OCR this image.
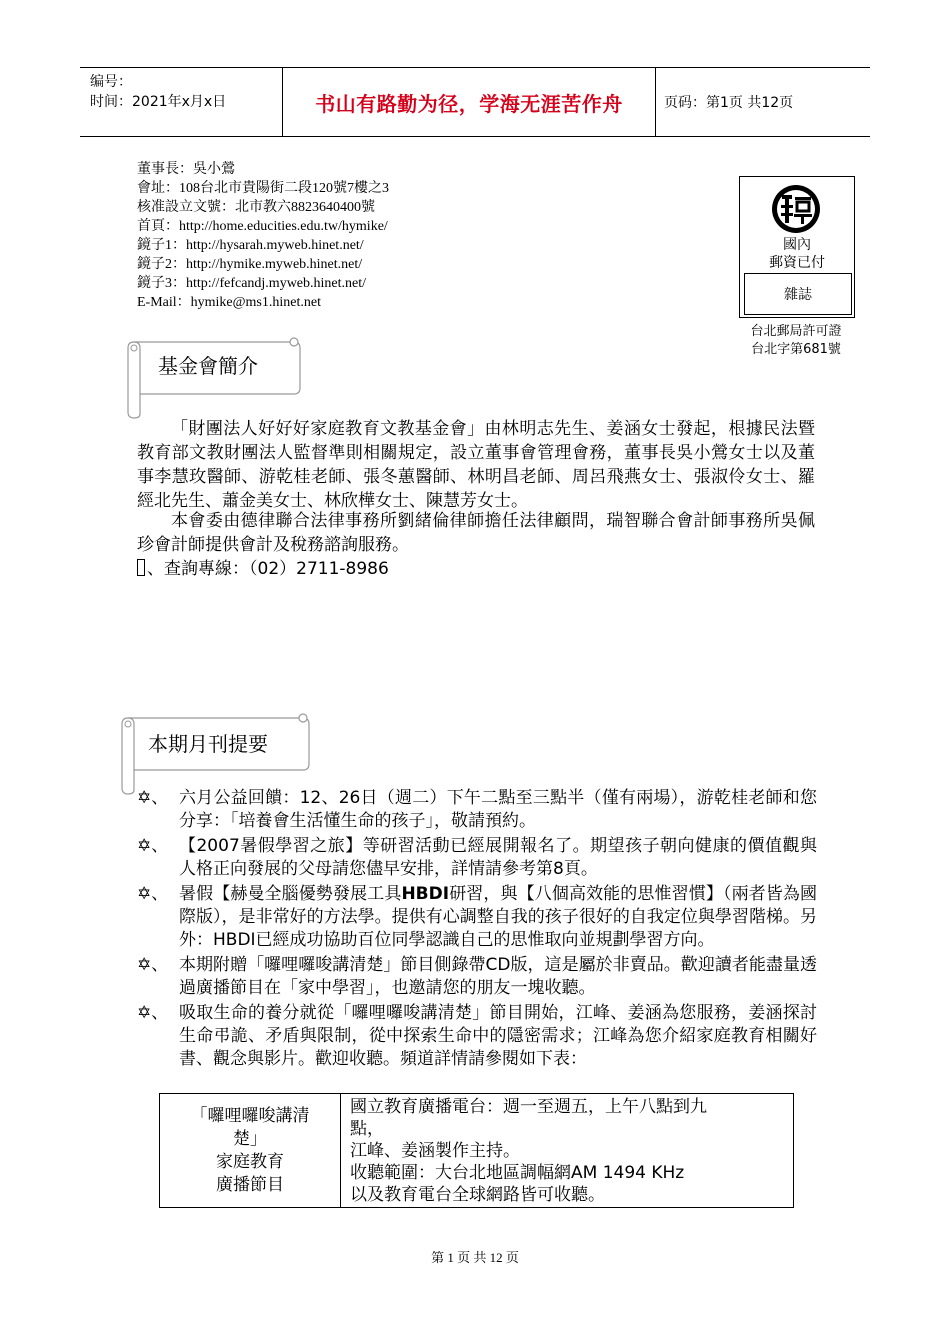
编号：
时间：2021年x月x日	书山有路勤为径，学海无涯苦作舟	页码：第1页 共12页
董事長：吳小鶯
會址：108台北市貴陽街二段120號7樓之3
核准設立文號：北市教六8823640400號
首頁：http://home.educities.edu.tw/hymike/
鏡子1：http://hysarah.myweb.hinet.net/
鏡子2：http://hymike.myweb.hinet.net/
鏡子3：http://fefcandj.myweb.hinet.net/
E-Mail：hymike@ms1.hinet.net
國內
郵資已付
雜誌
台北郵局許可證
台北字第681號
基金會簡介
「財團法人好好好家庭教育文教基金會」由林明志先生、姜涵女士發起，根據民法暨教育部文教財團法人監督準則相關規定，設立董事會管理會務，董事長吳小鶯女士以及董事李慧玫醫師、游乾桂老師、張冬蕙醫師、林明昌老師、周呂飛燕女士、張淑伶女士、羅經北先生、蕭金美女士、林欣樺女士、陳慧芳女士。
本會委由德律聯合法律事務所劉緒倫律師擔任法律顧問，瑞智聯合會計師事務所吳佩珍會計師提供會計及稅務諮詢服務。
、查詢專線：（02）2711-8986
本期月刊提要
✡、 六月公益回饋：12、26日（週二）下午二點至三點半（僅有兩場），游乾桂老師和您分享：「培養會生活懂生命的孩子」，敬請預約。
✡、 【2007暑假學習之旅】等研習活動已經展開報名了。期望孩子朝向健康的價值觀與人格正向發展的父母請您儘早安排，詳情請參考第8頁。
✡、 暑假【赫曼全腦優勢發展工具HBDI研習，與【八個高效能的思惟習慣】（兩者皆為國際版），是非常好的方法學。提供有心調整自我的孩子很好的自我定位與學習階梯。另外：HBDI已經成功協助百位同學認識自己的思惟取向並規劃學習方向。
✡、 本期附贈「囉哩囉唆講清楚」節目側錄帶CD版，這是屬於非賣品。歡迎讀者能盡量透過廣播節目在「家中學習」，也邀請您的朋友一塊收聽。
✡、 吸取生命的養分就從「囉哩囉唆講清楚」節目開始，江峰、姜涵為您服務，姜涵探討生命弔詭、矛盾與限制，從中探索生命中的隱密需求；江峰為您介紹家庭教育相關好書、觀念與影片。歡迎收聽。頻道詳情請參閱如下表：
「囉哩囉唆講清
楚」
家庭教育
廣播節目
國立教育廣播電台：週一至週五，上午八點到九
點，
江峰、姜涵製作主持。
收聽範圍：大台北地區調幅網AM 1494 KHz
以及教育電台全球網路皆可收聽。
第 1 页 共 12 页
